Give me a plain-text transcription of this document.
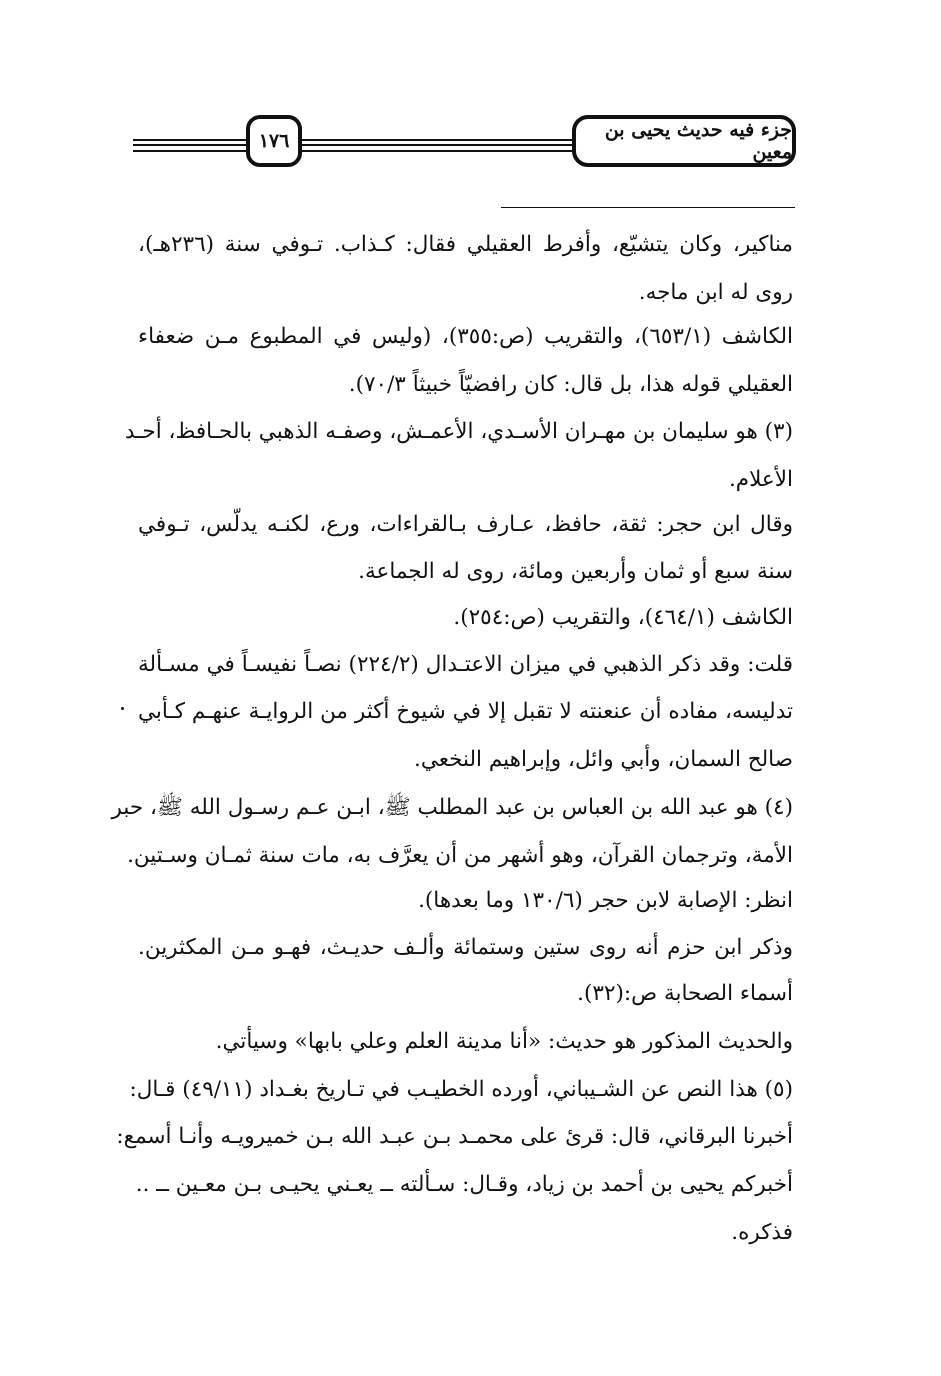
جزء فيه حديث يحيى بن معين
١٧٦
مناكير، وكان يتشيّع، وأفرط العقيلي فقال: كـذاب. تـوفي سنة (٢٣٦هـ)،
روى له ابن ماجه.
الكاشف (٦٥٣/١)، والتقريب (ص:٣٥٥)، (وليس في المطبوع مـن ضعفاء
العقيلي قوله هذا، بل قال: كان رافضيّاً خبيثاً ٧٠/٣).
(٣) هو سليمان بن مهـران الأسـدي، الأعمـش، وصفـه الذهبي بالحـافظ، أحـد
الأعلام.
وقال ابن حجر: ثقة، حافظ، عـارف بـالقراءات، ورع، لكنـه يدلّس، تـوفي
سنة سبع أو ثمان وأربعين ومائة، روى له الجماعة.
الكاشف (٤٦٤/١)، والتقريب (ص:٢٥٤).
قلت: وقد ذكر الذهبي في ميزان الاعتـدال (٢٢٤/٢) نصـاً نفيسـاً في مسـألة
تدليسه، مفاده أن عنعنته لا تقبل إلا في شيوخ أكثر من الروايـة عنهـم كـأبي
صالح السمان، وأبي وائل، وإبراهيم النخعي.
(٤) هو عبد الله بن العباس بن عبد المطلب ﷺ، ابـن عـم رسـول الله ﷺ، حبر
الأمة، وترجمان القرآن، وهو أشهر من أن يعرَّف به، مات سنة ثمـان وسـتين.
انظر: الإصابة لابن حجر (١٣٠/٦ وما بعدها).
وذكر ابن حزم أنه روى ستين وستمائة وألـف حديـث، فهـو مـن المكثرين.
أسماء الصحابة ص:(٣٢).
والحديث المذكور هو حديث: «أنا مدينة العلم وعلي بابها» وسيأتي.
(٥) هذا النص عن الشـيباني، أورده الخطيـب في تـاريخ بغـداد (٤٩/١١) قـال:
أخبرنا البرقاني، قال: قرئ على محمـد بـن عبـد الله بـن خميرويـه وأنـا أسمع:
أخبركم يحيى بن أحمد بن زياد، وقـال: سـألته ــ يعـني يحيـى بـن معـين ــ ..
فذكره.
